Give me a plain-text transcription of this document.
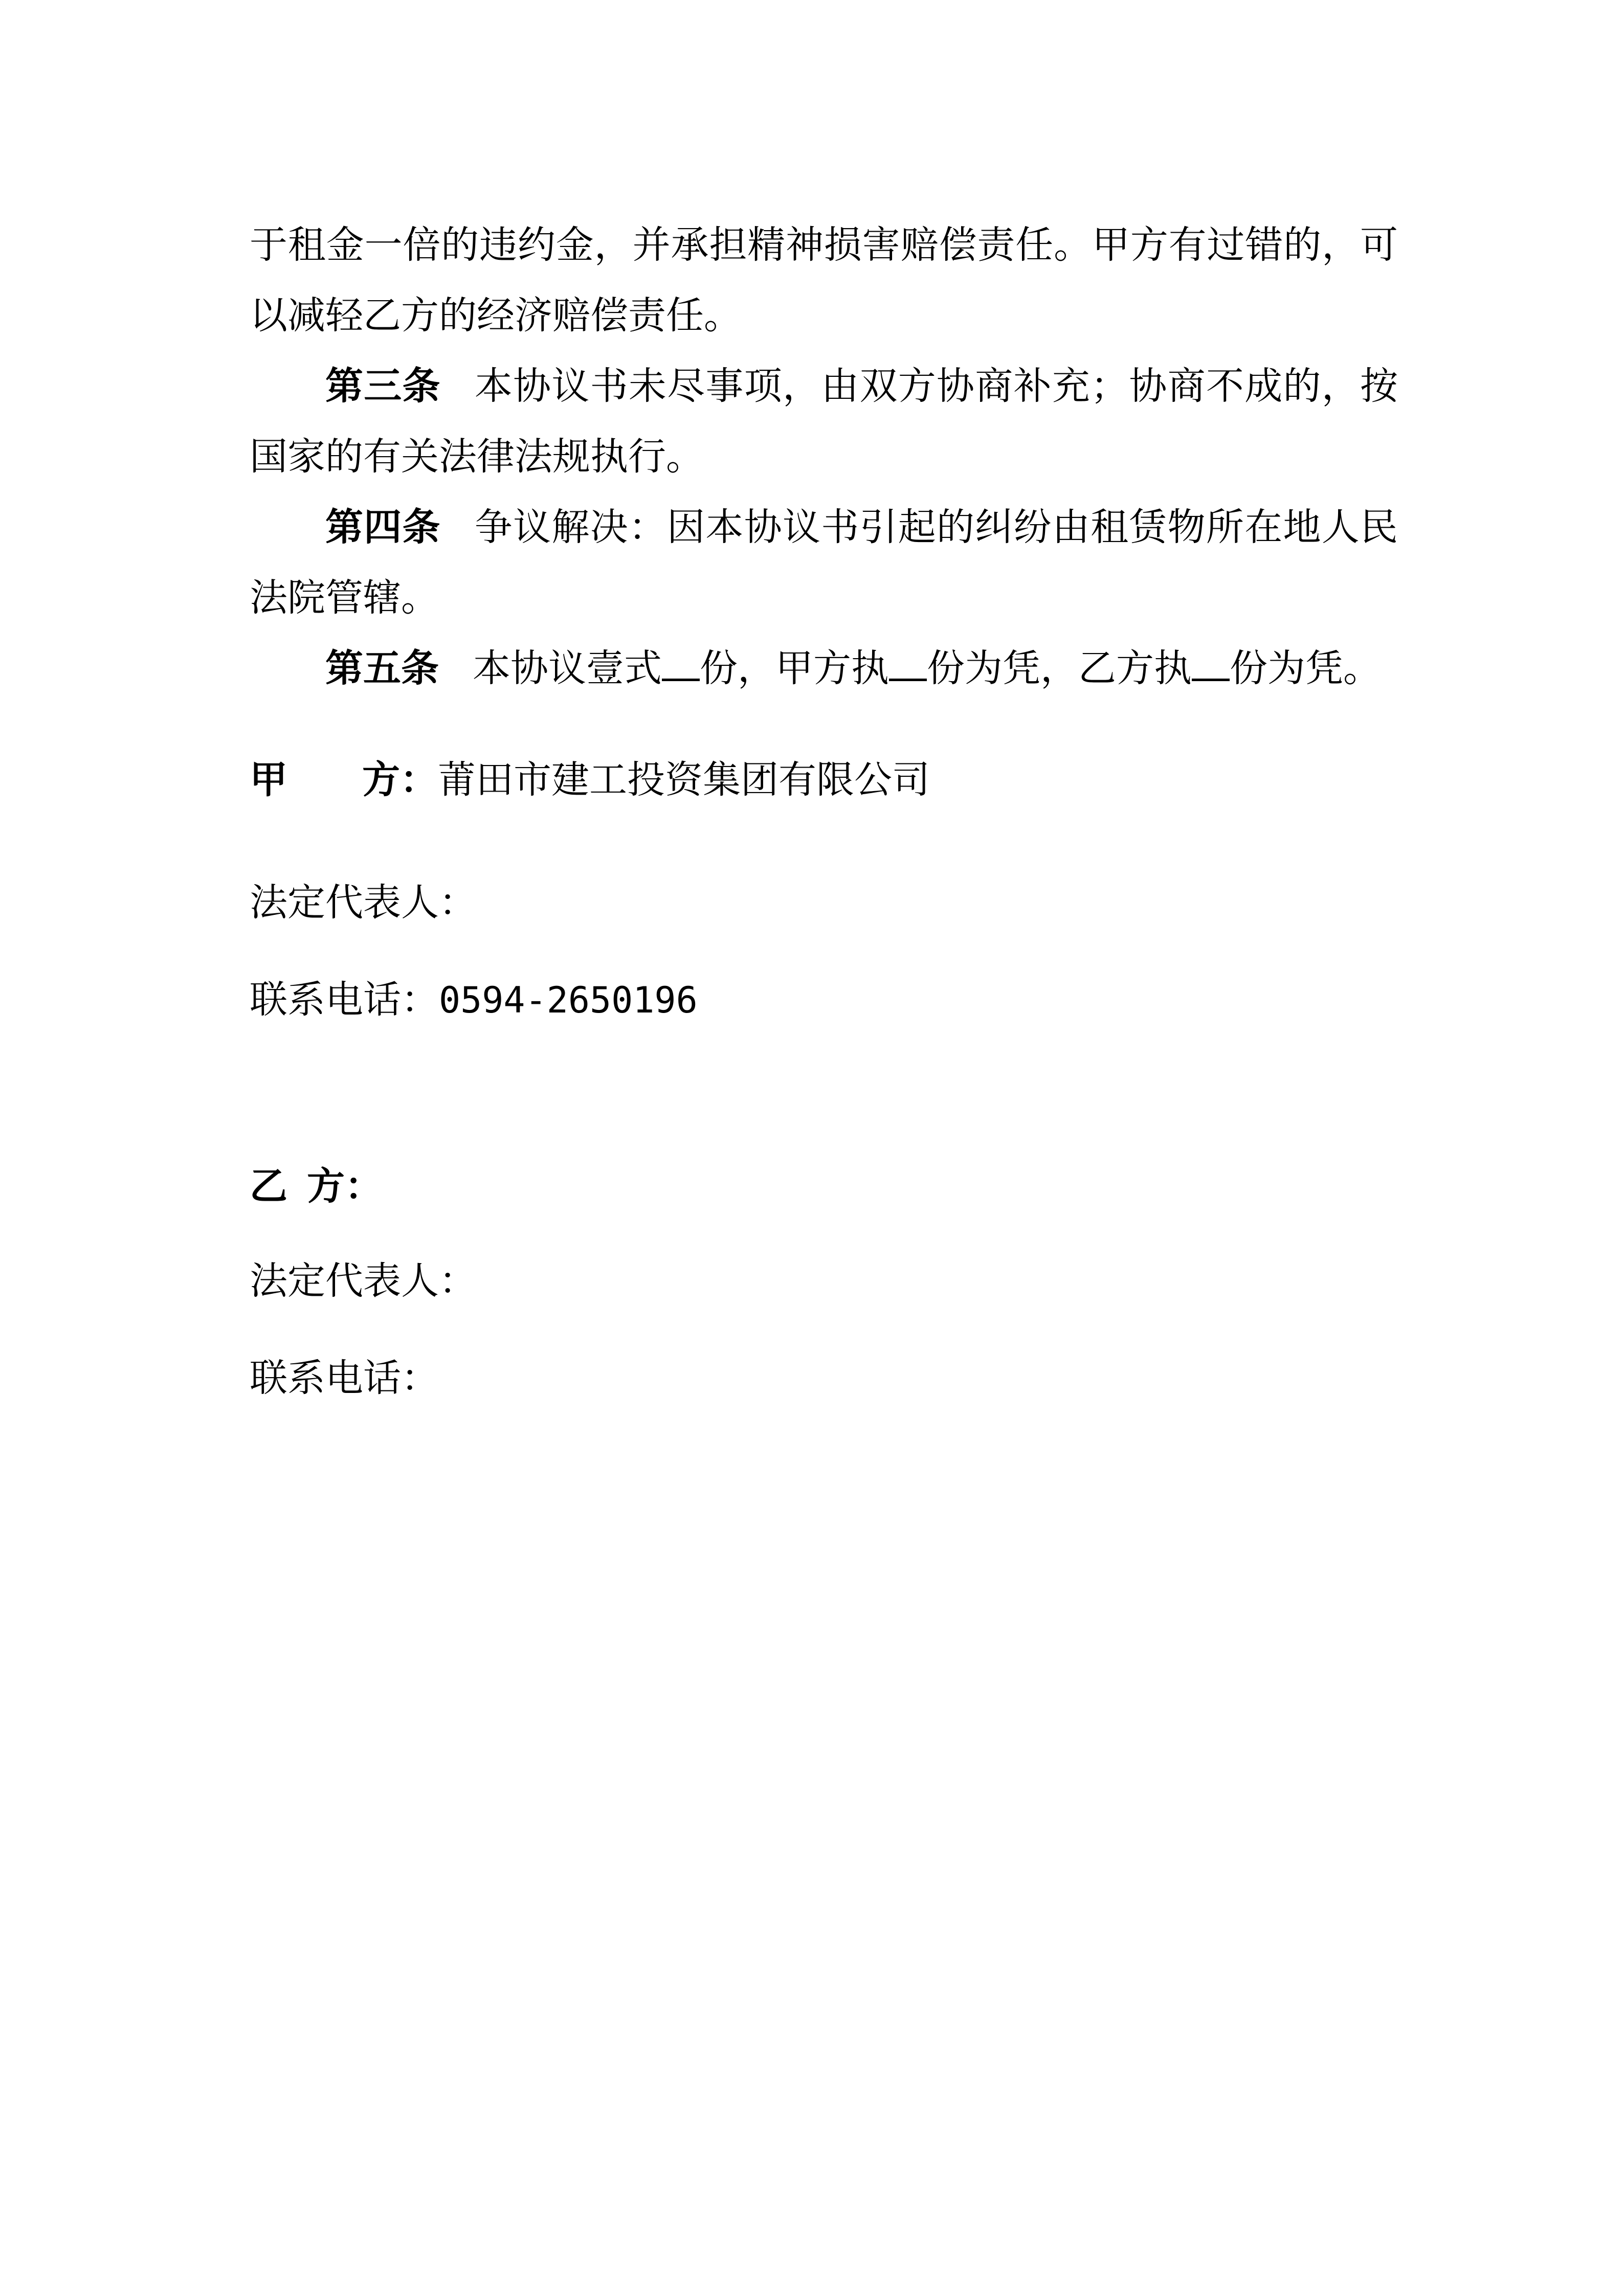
于租金一倍的违约金，并承担精神损害赔偿责任。甲方有过错的，可以减轻乙方的经济赔偿责任。

第三条 本协议书未尽事项，由双方协商补充；协商不成的，按国家的有关法律法规执行。

第四条 争议解决：因本协议书引起的纠纷由租赁物所在地人民法院管辖。

第五条 本协议壹式 份，甲方执 份为凭，乙方执 份为凭。

甲 方：莆田市建工投资集团有限公司
法定代表人：
联系电话：0594-2650196
乙 方：
法定代表人：
联系电话：
